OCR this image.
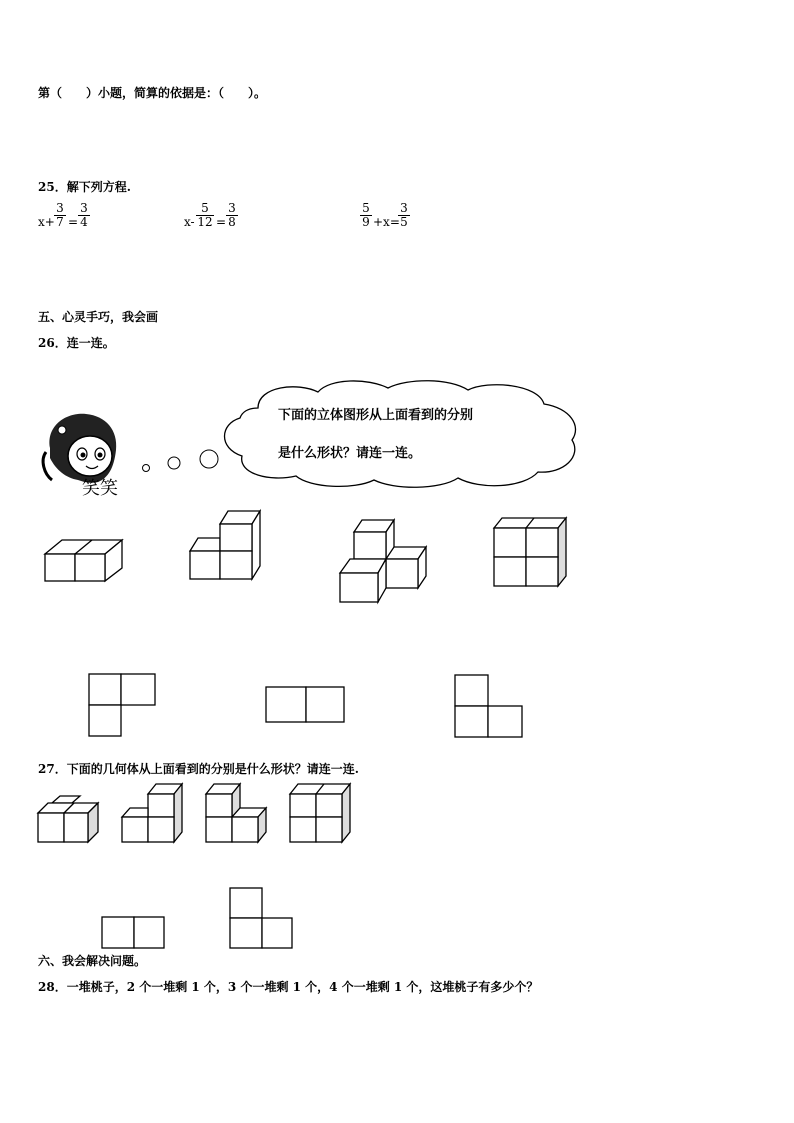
第（　　）小题，简算的依据是：（　　）。
25．解下列方程.
$x+ \frac{3}{7} = \frac{3}{4}$	$x- \frac{5}{12} = \frac{3}{8}$	$\frac{5}{9} +x=$
$\frac{3}{5}$
五、心灵手巧，我会画
26．连一连。
笑笑
下面的立体图形从上面看到的分别
是什么形状？请连一连。
27．下面的几何体从上面看到的分别是什么形状？请连一连.
六、我会解决问题。
28．一堆桃子，2 个一堆剩 1 个，3 个一堆剩 1 个，4 个一堆剩 1 个，这堆桃子有多少个？
